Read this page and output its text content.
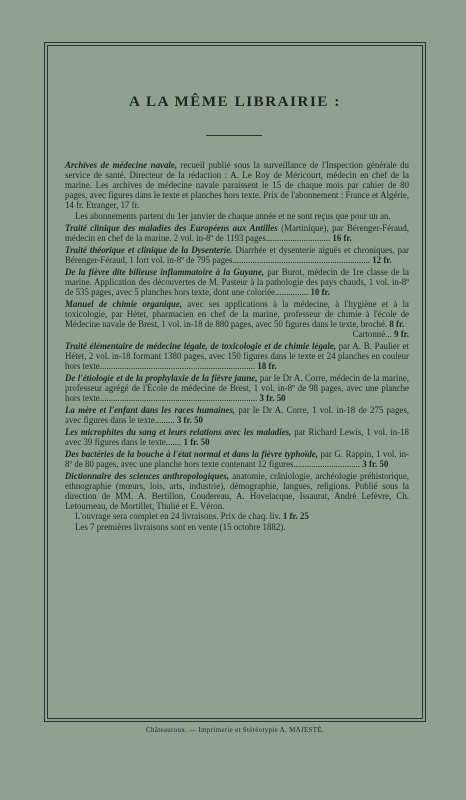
A LA MÊME LIBRAIRIE :

Archives de médecine navale, recueil publié sous la surveillance de l'Inspection générale du service de santé. Directeur de la rédaction : A. Le Roy de Méricourt, médecin en chef de la marine. Les archives de médecine navale paraissent le 15 de chaque mois par cahier de 80 pages, avec figures dans le texte et planches hors texte. Prix de l'abonnement : France et Algérie, 14 fr. Etranger, 17 fr.

Les abonnements partent du 1er janvier de chaque année et ne sont reçus que pour un an.

Traité clinique des maladies des Européens aux Antilles (Martinique), par Bérenger-Féraud, médecin en chef de la marine. 2 vol. in-8º de 1193 pages............................. 16 fr.

Traité théorique et clinique de la Dysenterie. Diarrhée et dysenterie aiguës et chroniques, par Bérenger-Féraud, 1 fort vol. in-8º de 795 pages.............................................................. 12 fr.

De la fièvre dite bilieuse inflammatoire à la Guyane, par Burot, médecin de 1re classe de la marine. Application des découvertes de M. Pasteur à la pathologie des pays chauds, 1 vol. in-8º de 535 pages, avec 5 planches hors texte, dont une coloriée............... 10 fr.

Manuel de chimie organique, avec ses applications à la médecine, à l'hygiène et à la toxicologie, par Hétet, pharmacien en chef de la marine, professeur de chimie à l'école de Médecine navale de Brest, 1 vol. in-18 de 880 pages, avec 50 figures dans le texte, broché. 8 fr.

Cartonné... 9 fr.

Traité élémentaire de médecine légale, de toxicologie et de chimie légale, par A. B. Paulier et Hétet, 2 vol. in-18 formant 1380 pages, avec 150 figures dans le texte et 24 planches en couleur hors texte...................................................................... 18 fr.

De l'étiologie et de la prophylaxie de la fièvre jaune, par le Dr A. Corre, médecin de la marine, professeur agrégé de l'École de médecine de Brest, 1 vol. in-8º de 98 pages, avec une planche hors texte....................................................................... 3 fr. 50

La mère et l'enfant dans les races humaines, par le Dr A. Corre, 1 vol. in-18 de 275 pages, avec figures dans le texte......... 3 fr. 50

Les microphites du sang et leurs relations avec les maladies, par Richard Lewis, 1 vol. in-18 avec 39 figures dans le texte....... 1 fr. 50

Des bactéries de la bouche à l'état normal et dans la fièvre typhoïde, par G. Rappin, 1 vol. in-8º de 80 pages, avec une planche hors texte contenant 12 figures.............................. 3 fr. 50

Dictionnaire des sciences anthropologiques, anatomie, crâniologie, archéologie préhistorique, ethnographie (mœurs, lois, arts, industrie), démographie, langues, religions. Publié sous la direction de MM. A. Bertillon, Coudereau, A. Hovelacque, Issaurat, André Lefèvre, Ch. Letourneau, de Mortillet, Thulié et E. Véron.

L'ouvrage sera complet en 24 livraisons. Prix de chaq. liv. 1 fr. 25

Les 7 premières livraisons sont en vente (15 octobre 1882).

Châteauroux. — Imprimerie et Stéréotypie A. MAJESTÉ.
